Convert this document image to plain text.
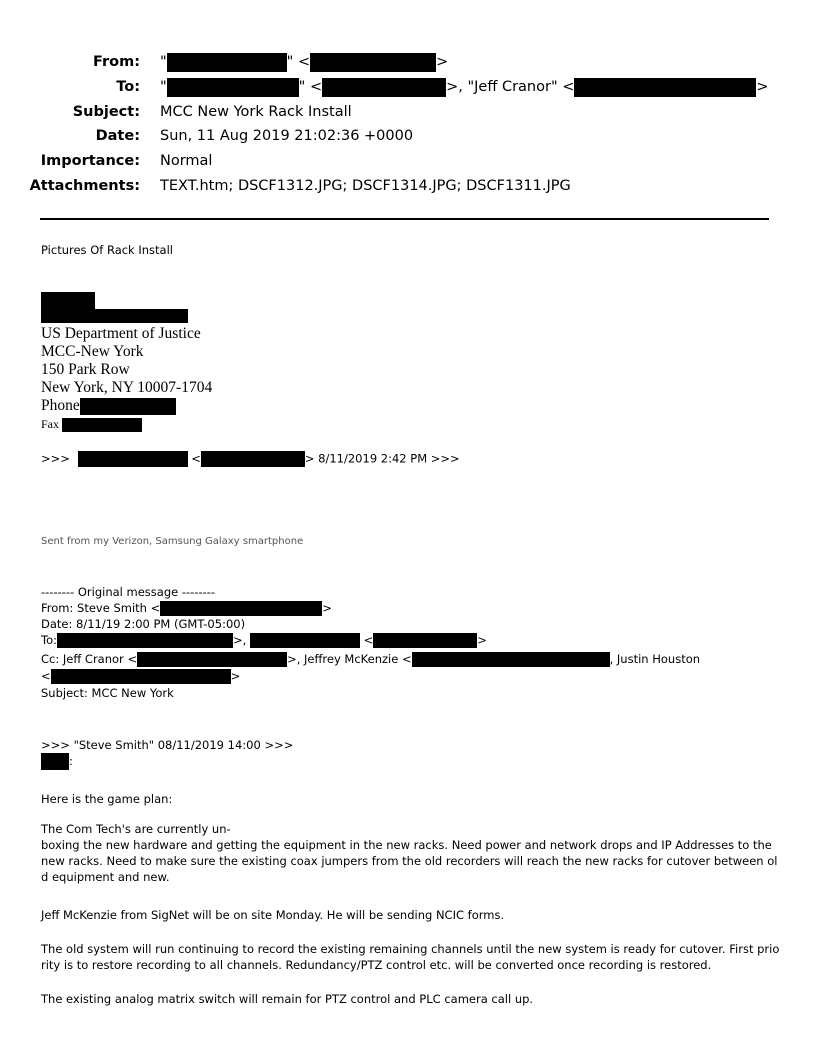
From: "	" <	>
To: "	" <	>, "Jeff Cranor" <	>
Subject: MCC New York Rack Install
Date: Sun, 11 Aug 2019 21:02:36 +0000
Importance: Normal
Attachments: TEXT.htm; DSCF1312.JPG; DSCF1314.JPG; DSCF1311.JPG
Pictures Of Rack Install
US Department of Justice
MCC-New York
150 Park Row
New York, NY 10007-1704
Phone
Fax
>>>	<	> 8/11/2019 2:42 PM >>>
Sent from my Verizon, Samsung Galaxy smartphone
-------- Original message --------
From: Steve Smith <	>
Date: 8/11/19 2:00 PM (GMT-05:00)
To:	>,	<	>
Cc: Jeff Cranor <	>, Jeffrey McKenzie <	, Justin Houston
<	>
Subject: MCC New York
>>> "Steve Smith" 08/11/2019 14:00 >>>
:
Here is the game plan:
The Com Tech's are currently un-
boxing the new hardware and getting the equipment in the new racks. Need power and network drops and IP Addresses to the new racks. Need to make sure the existing coax jumpers from the old recorders will reach the new racks for cutover between old equipment and new.
Jeff McKenzie from SigNet will be on site Monday. He will be sending NCIC forms.
The old system will run continuing to record the existing remaining channels until the new system is ready for cutover. First priority is to restore recording to all channels. Redundancy/PTZ control etc. will be converted once recording is restored.
The existing analog matrix switch will remain for PTZ control and PLC camera call up.
